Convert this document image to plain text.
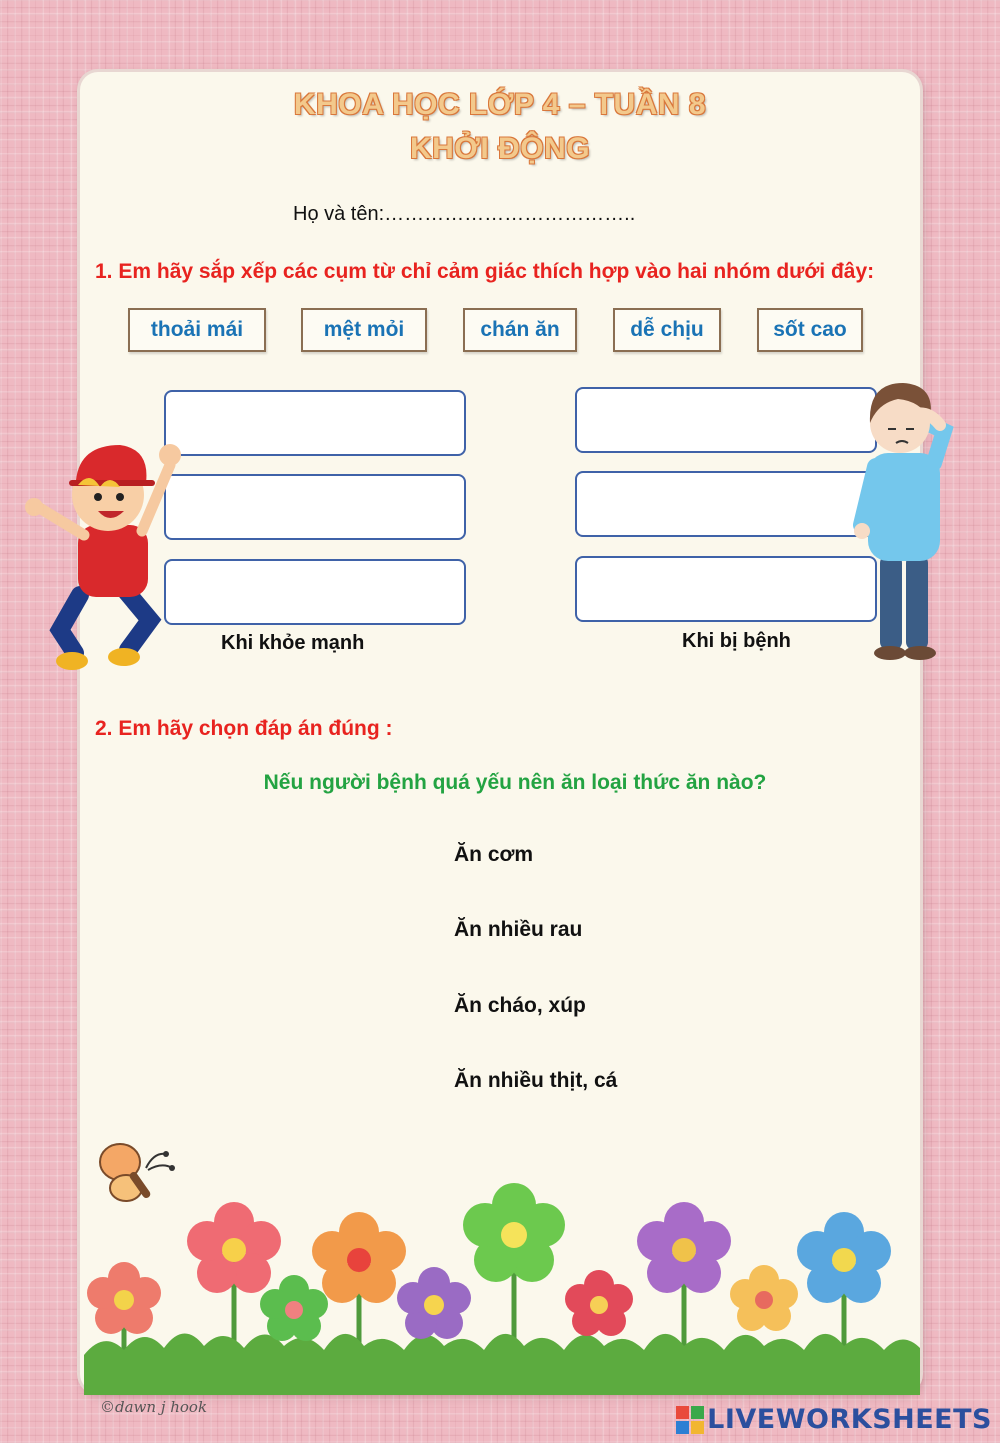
KHOA HỌC LỚP 4 – TUẦN 8
KHỞI ĐỘNG
Họ và tên:………………………………..
1. Em hãy sắp xếp các cụm từ chỉ cảm giác thích hợp vào hai nhóm dưới đây:
thoải mái	mệt mỏi	chán ăn	dễ chịu	sốt cao
Khi khỏe mạnh	Khi bị bệnh
2. Em hãy chọn đáp án đúng :
Nếu người bệnh quá yếu nên ăn loại thức ăn nào?
Ăn cơm
Ăn nhiều rau
Ăn cháo, xúp
Ăn nhiều thịt, cá
©dawn j hook	LIVEWORKSHEETS
